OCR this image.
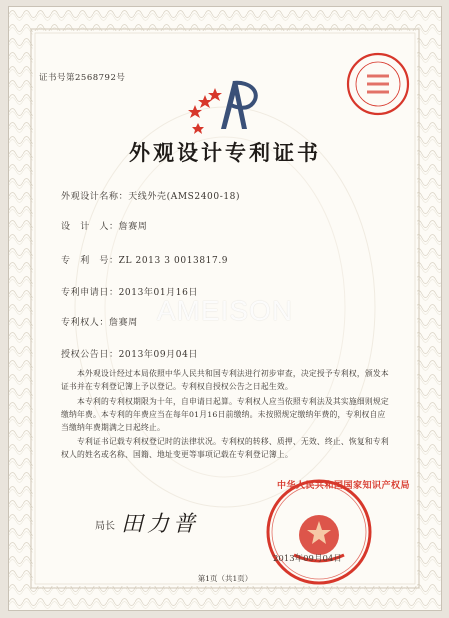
证书号第2568792号
外观设计专利证书
外观设计名称：天线外壳(AMS2400-18)
设　计　人：詹赛周
专　利　号：ZL 2013 3 0013817.9
专利申请日：2013年01月16日
专利权人：詹赛周
授权公告日：2013年09月04日
AMEISON
本外观设计经过本局依照中华人民共和国专利法进行初步审查，决定授予专利权，颁发本证书并在专利登记簿上予以登记。专利权自授权公告之日起生效。
本专利的专利权期限为十年，自申请日起算。专利权人应当依照专利法及其实施细则规定缴纳年费。本专利的年费应当在每年01月16日前缴纳。未按照规定缴纳年费的，专利权自应当缴纳年费期满之日起终止。
专利证书记载专利权登记时的法律状况。专利权的转移、质押、无效、终止、恢复和专利权人的姓名或名称、国籍、地址变更等事项记载在专利登记簿上。
局长 田力普
中华人民共和国国家知识产权局
2013年09月04日
第1页（共1页）
